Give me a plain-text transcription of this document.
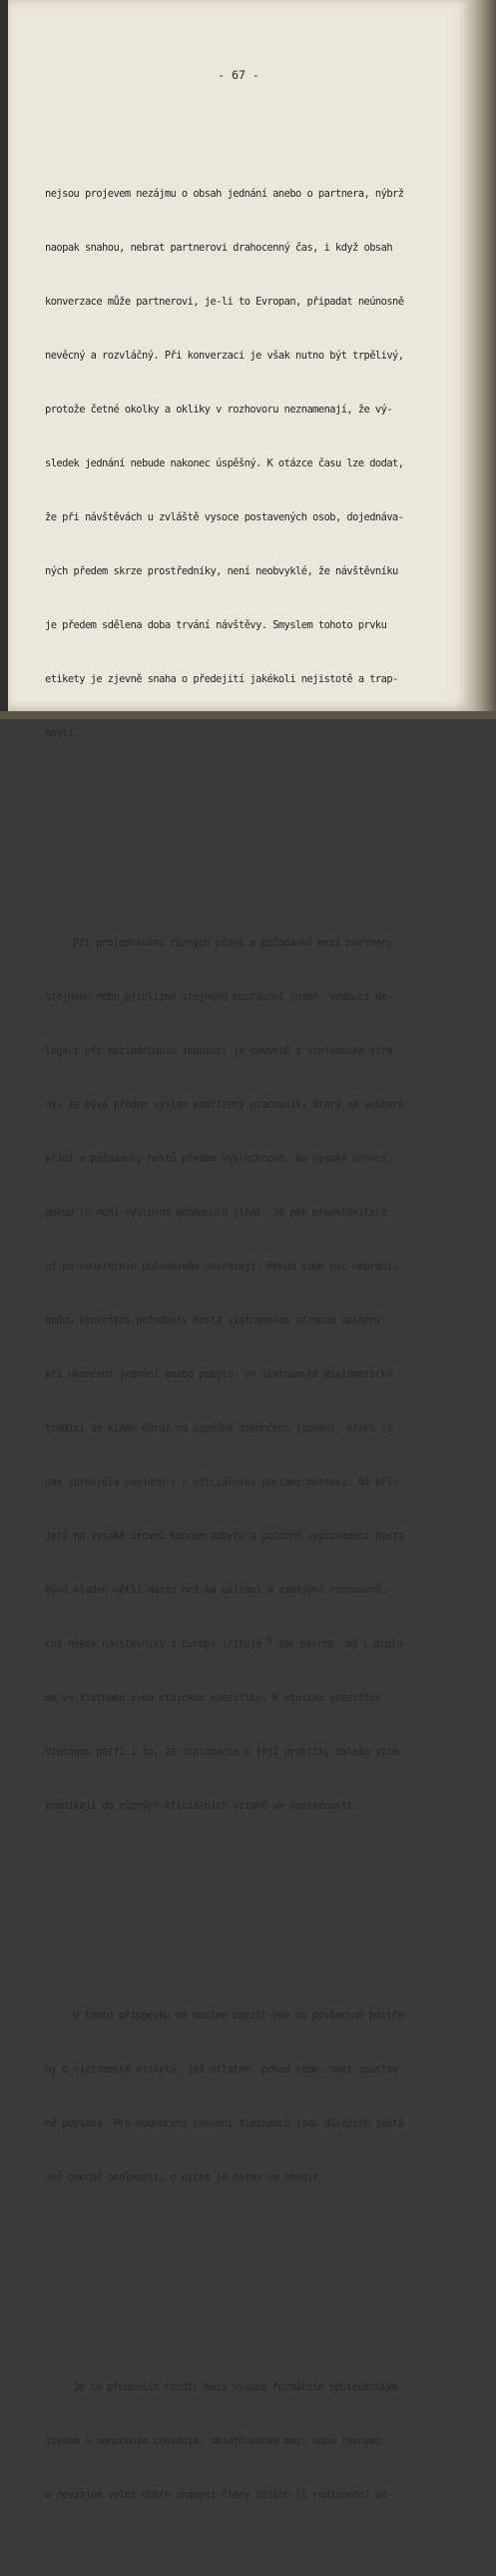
- 67 -

nejsou projevem nezájmu o obsah jednání anebo o partnera, nýbrž

naopak snahou, nebrat partnerovi drahocenný čas, i když obsah

konverzace může partnerovi, je-li to Evropan, připadat neúnosně

nevěcný a rozvláčný. Při konverzaci je však nutno být trpělivý,

protože četné okolky a okliky v rozhovoru neznamenají, že vý-

sledek jednání nebude nakonec úspěšný. K otázce času lze dodat,

že při návštěvách u zvláště vysoce postavených osob, dojednáva-

ných předem skrze prostředníky, není neobvyklé, že návštěvníku

je předem sdělena doba trvání návštěvy. Smyslem tohoto prvku

etikety je zjevně snaha o předejití jakékoli nejistotě a trap-

nosti.

Při projednávání různých přání a požadavků mezi partnery

stejného nebo přibližně stejného postavení (např. vedoucí de-

legací při mezinárodním jednání) je obvyklé z vietnamské stra-

ny, že bývá předem vyslán podřízený pracovník, který má veškeré

přání a požadavky hostů předem vyslechnout. Na vysoké úrovni,

pokud to není výslovně dohodnuto jinak, se pak představitelé

už ke konkrétním požadavkům nevracejí. Pokud tomu nic nebrání,

budou konkrétní požadavky hosta vietnamskou stranou splněny

při ukončení jednání anebo pobytu. Ve vietnamské diplomatické

tradici se klade důraz na úspěšné zakončení jednání, které je

pak zpravidla spojeno i s oficiálními poctami hostovi. Na při-

jetí na vysoké úrovni koncem pobytu a pozorné vyprovázení hosta

bývá kladen větší důraz než na uvítání a zahájení rozhovorů,

což někdy návštěvníky z Evropy irituje.$^9$ Jak patrno, má i diplo-

me ve Vietnamu svou etnickou specifiku. K etnické specifice

Vietnamu patří i to, že diplomacie a její praktiky daleko více

pronikají do různých oficiálních vztahů ve společnosti.

V tomto příspěvku se musíme omezit jen na povšechné postře-

hy o vietnamské etiketě, jež ostatně, pokud víme, není soustav-

ně popsána. Pro hodnocení chování Vietnamců jsou důležité ještě

dvě obecné okolnosti, o nichž je nutno se zmínit.

Je to především rozdíl mezi vysoce formálním společenským

stykem a nenuceným chováním, uplatňovaným mezi sobě rovnými

a nevzájem velmi dobře známými členy užšího (i rodinného) ko-
